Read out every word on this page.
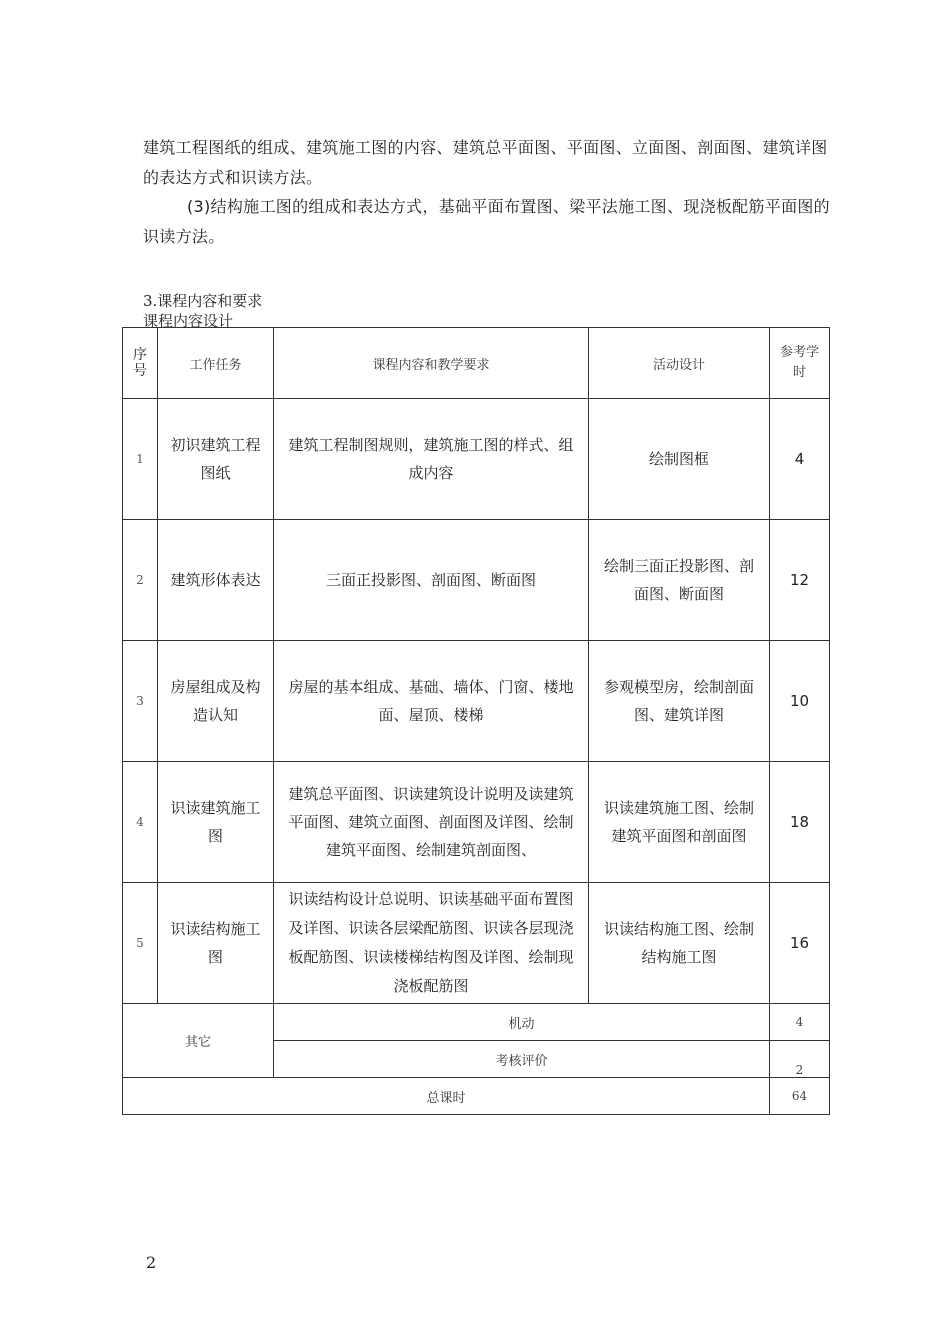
建筑工程图纸的组成、建筑施工图的内容、建筑总平面图、平面图、立面图、剖面图、建筑详图的表达方式和识读方法。

(3)结构施工图的组成和表达方式，基础平面布置图、梁平法施工图、现浇板配筋平面图的识读方法。

3.课程内容和要求
课程内容设计
序号	工作任务	课程内容和教学要求	活动设计	参考学时
1	初识建筑工程图纸	建筑工程制图规则，建筑施工图的样式、组成内容	绘制图框	4
2	建筑形体表达	三面正投影图、剖面图、断面图	绘制三面正投影图、剖面图、断面图	12
3	房屋组成及构造认知	房屋的基本组成、基础、墙体、门窗、楼地面、屋顶、楼梯	参观模型房，绘制剖面图、建筑详图	10
4	识读建筑施工图	建筑总平面图、识读建筑设计说明及读建筑平面图、建筑立面图、剖面图及详图、绘制建筑平面图、绘制建筑剖面图、	识读建筑施工图、绘制建筑平面图和剖面图	18
5	识读结构施工图	识读结构设计总说明、识读基础平面布置图及详图、识读各层梁配筋图、识读各层现浇板配筋图、识读楼梯结构图及详图、绘制现浇板配筋图	识读结构施工图、绘制结构施工图	16
其它		机动		4
		考核评价		2
总课时				64
2
